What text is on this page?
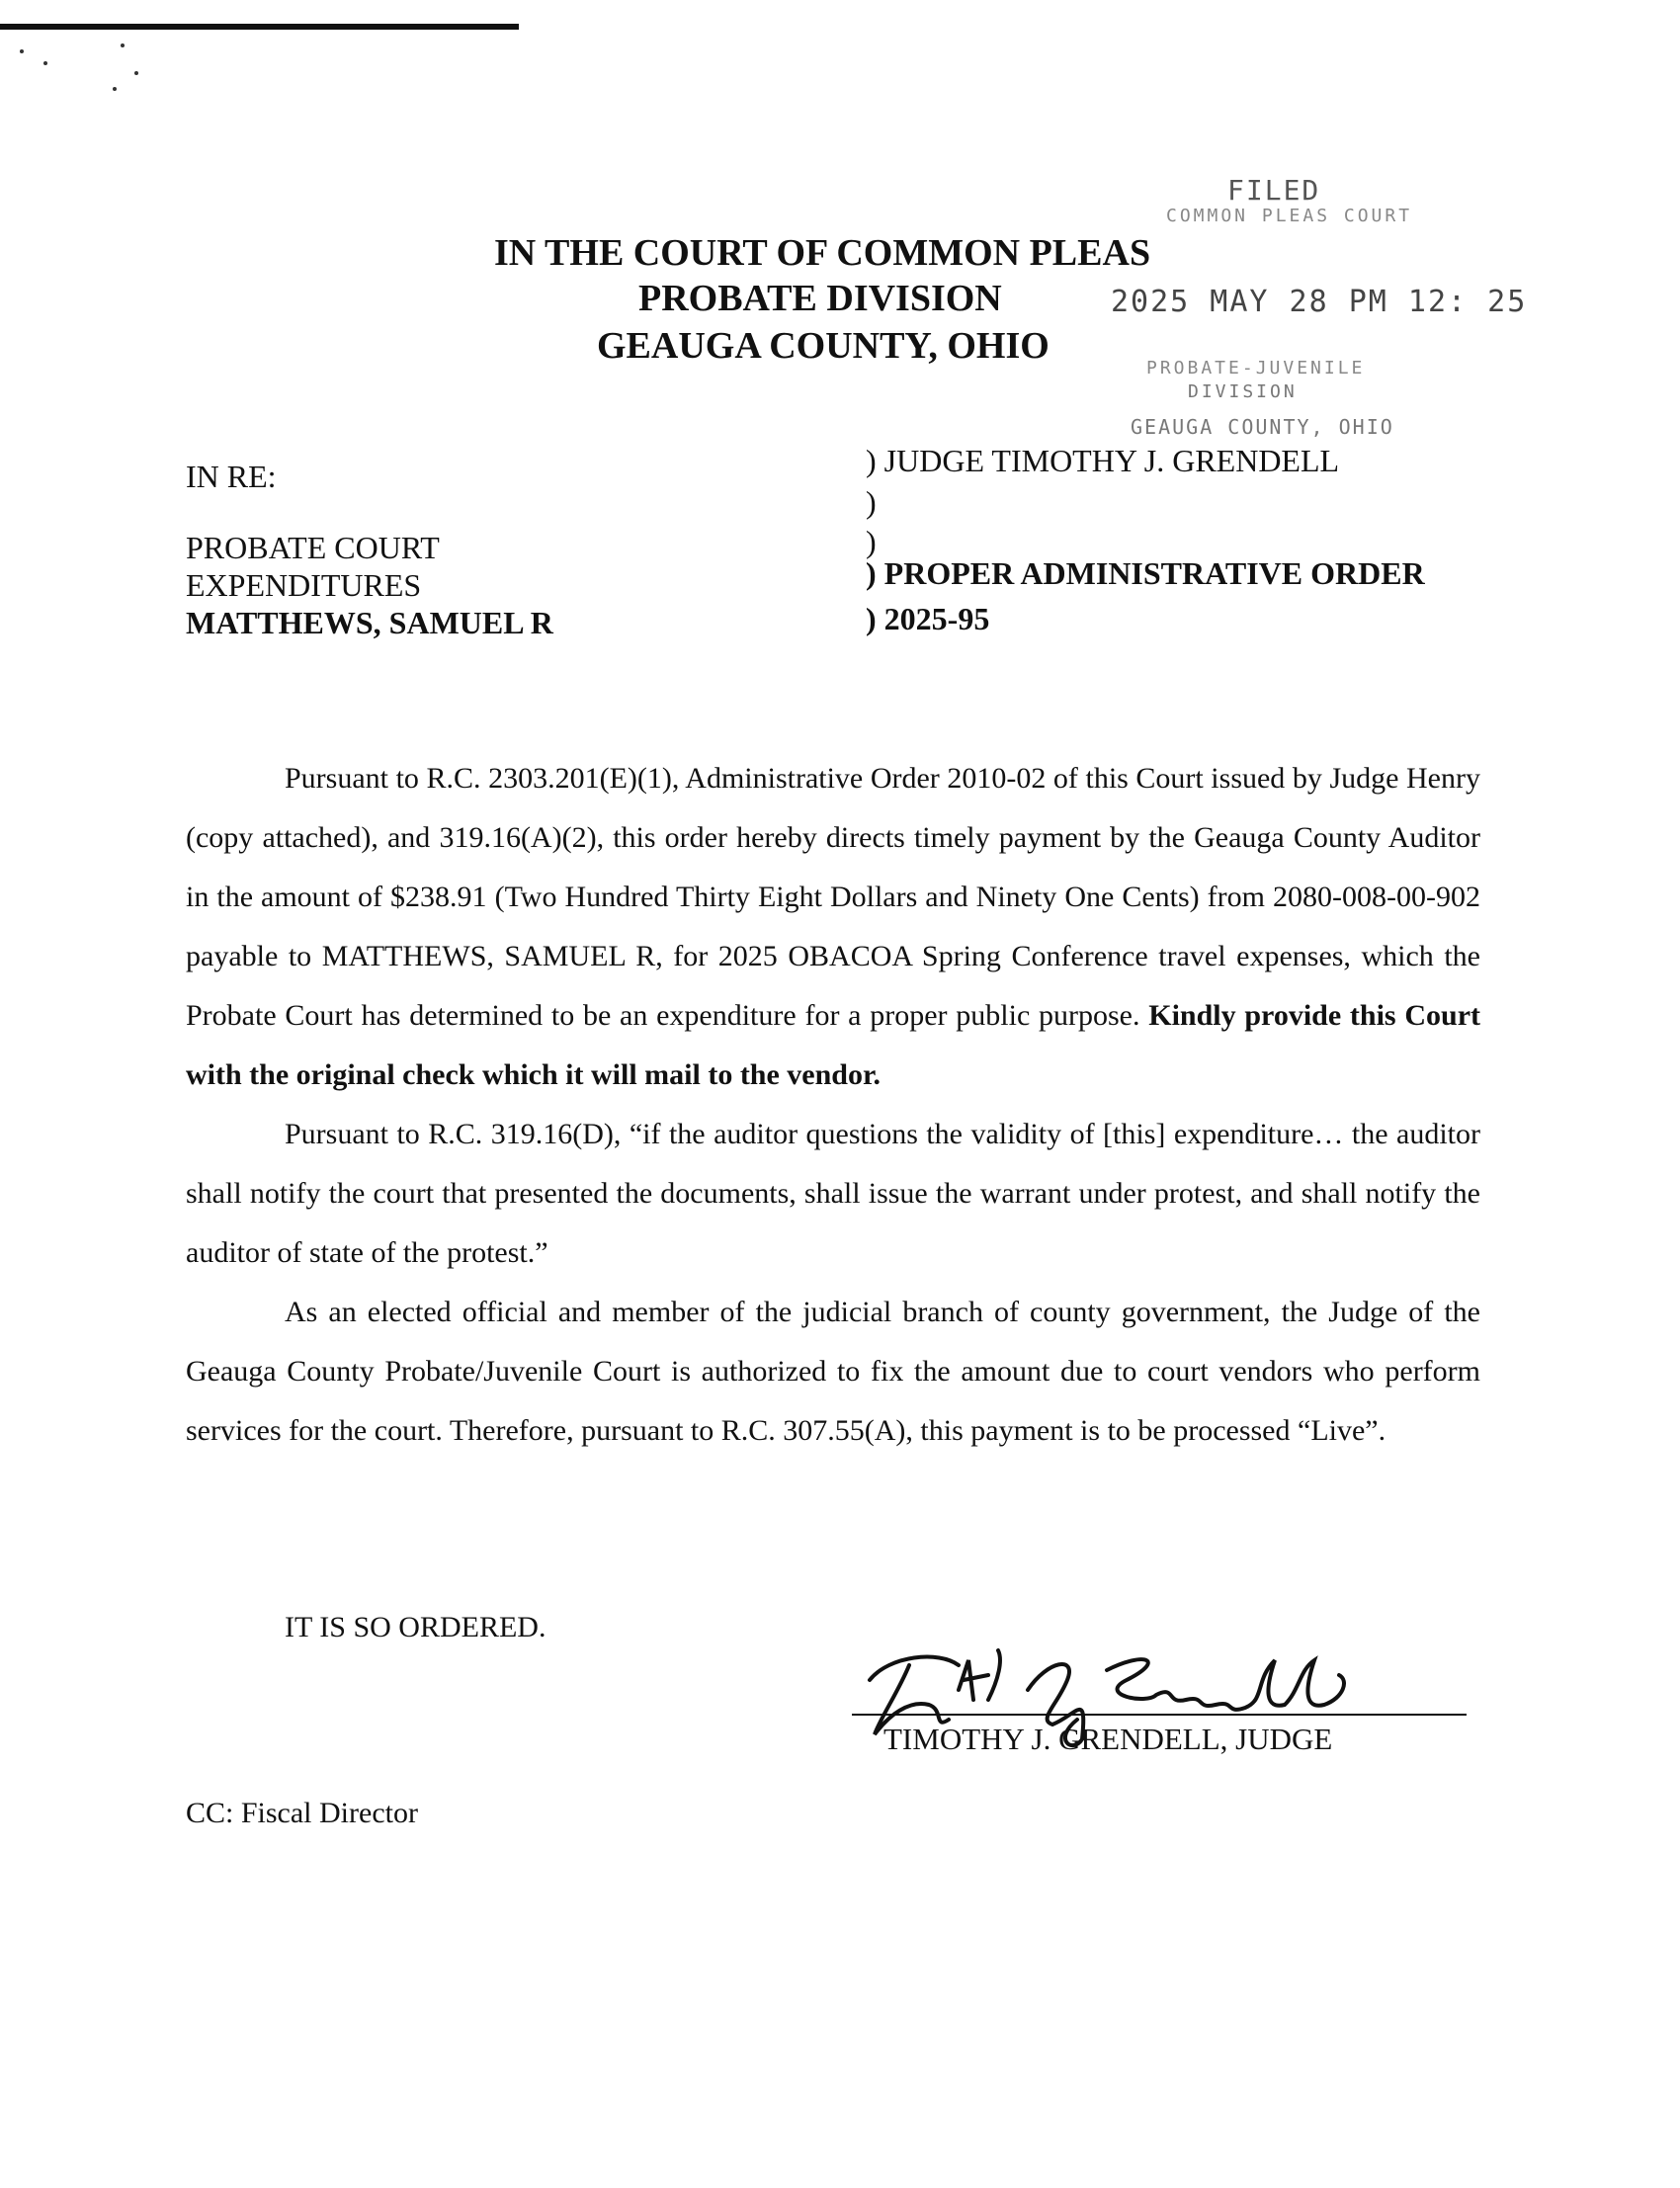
FILED
COMMON PLEAS COURT
2025 MAY 28 PM 12: 25
PROBATE-JUVENILE
DIVISION
GEAUGA COUNTY, OHIO
IN THE COURT OF COMMON PLEAS
PROBATE DIVISION
GEAUGA COUNTY, OHIO
IN RE:
PROBATE COURT
EXPENDITURES
MATTHEWS, SAMUEL R
) JUDGE TIMOTHY J. GRENDELL
)
)
) PROPER ADMINISTRATIVE ORDER
) 2025-95

Pursuant to R.C. 2303.201(E)(1), Administrative Order 2010-02 of this Court issued by Judge Henry (copy attached), and 319.16(A)(2), this order hereby directs timely payment by the Geauga County Auditor in the amount of $238.91 (Two Hundred Thirty Eight Dollars and Ninety One Cents) from 2080-008-00-902 payable to MATTHEWS, SAMUEL R, for 2025 OBACOA Spring Conference travel expenses, which the Probate Court has determined to be an expenditure for a proper public purpose. Kindly provide this Court with the original check which it will mail to the vendor.

Pursuant to R.C. 319.16(D), “if the auditor questions the validity of [this] expenditure… the auditor shall notify the court that presented the documents, shall issue the warrant under protest, and shall notify the auditor of state of the protest.”

As an elected official and member of the judicial branch of county government, the Judge of the Geauga County Probate/Juvenile Court is authorized to fix the amount due to court vendors who perform services for the court. Therefore, pursuant to R.C. 307.55(A), this payment is to be processed “Live”.

IT IS SO ORDERED.
TIMOTHY J. GRENDELL, JUDGE
CC: Fiscal Director
